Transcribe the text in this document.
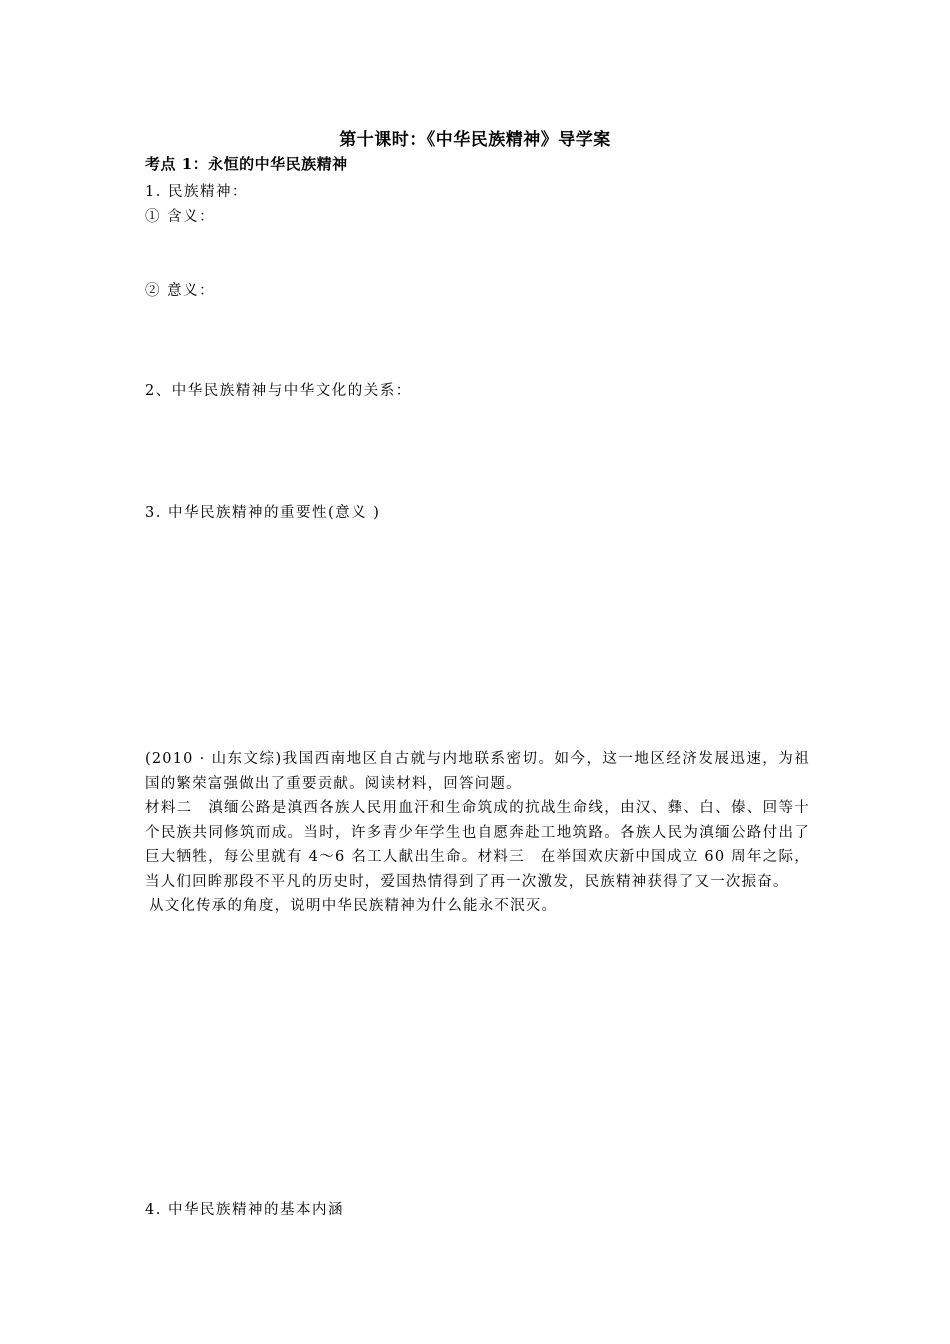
第十课时：《中华民族精神》导学案
考点 1：永恒的中华民族精神
1. 民族精神：
① 含义：
② 意义：
2、中华民族精神与中华文化的关系：
3. 中华民族精神的重要性(意义 )

(2010 · 山东文综)我国西南地区自古就与内地联系密切。如今，这一地区经济发展迅速，为祖国的繁荣富强做出了重要贡献。阅读材料，回答问题。

材料二　滇缅公路是滇西各族人民用血汗和生命筑成的抗战生命线，由汉、彝、白、傣、回等十个民族共同修筑而成。当时，许多青少年学生也自愿奔赴工地筑路。各族人民为滇缅公路付出了巨大牺牲，每公里就有 4～6 名工人献出生命。材料三　在举国欢庆新中国成立 60 周年之际，当人们回眸那段不平凡的历史时，爱国热情得到了再一次激发，民族精神获得了又一次振奋。

从文化传承的角度，说明中华民族精神为什么能永不泯灭。

4. 中华民族精神的基本内涵
